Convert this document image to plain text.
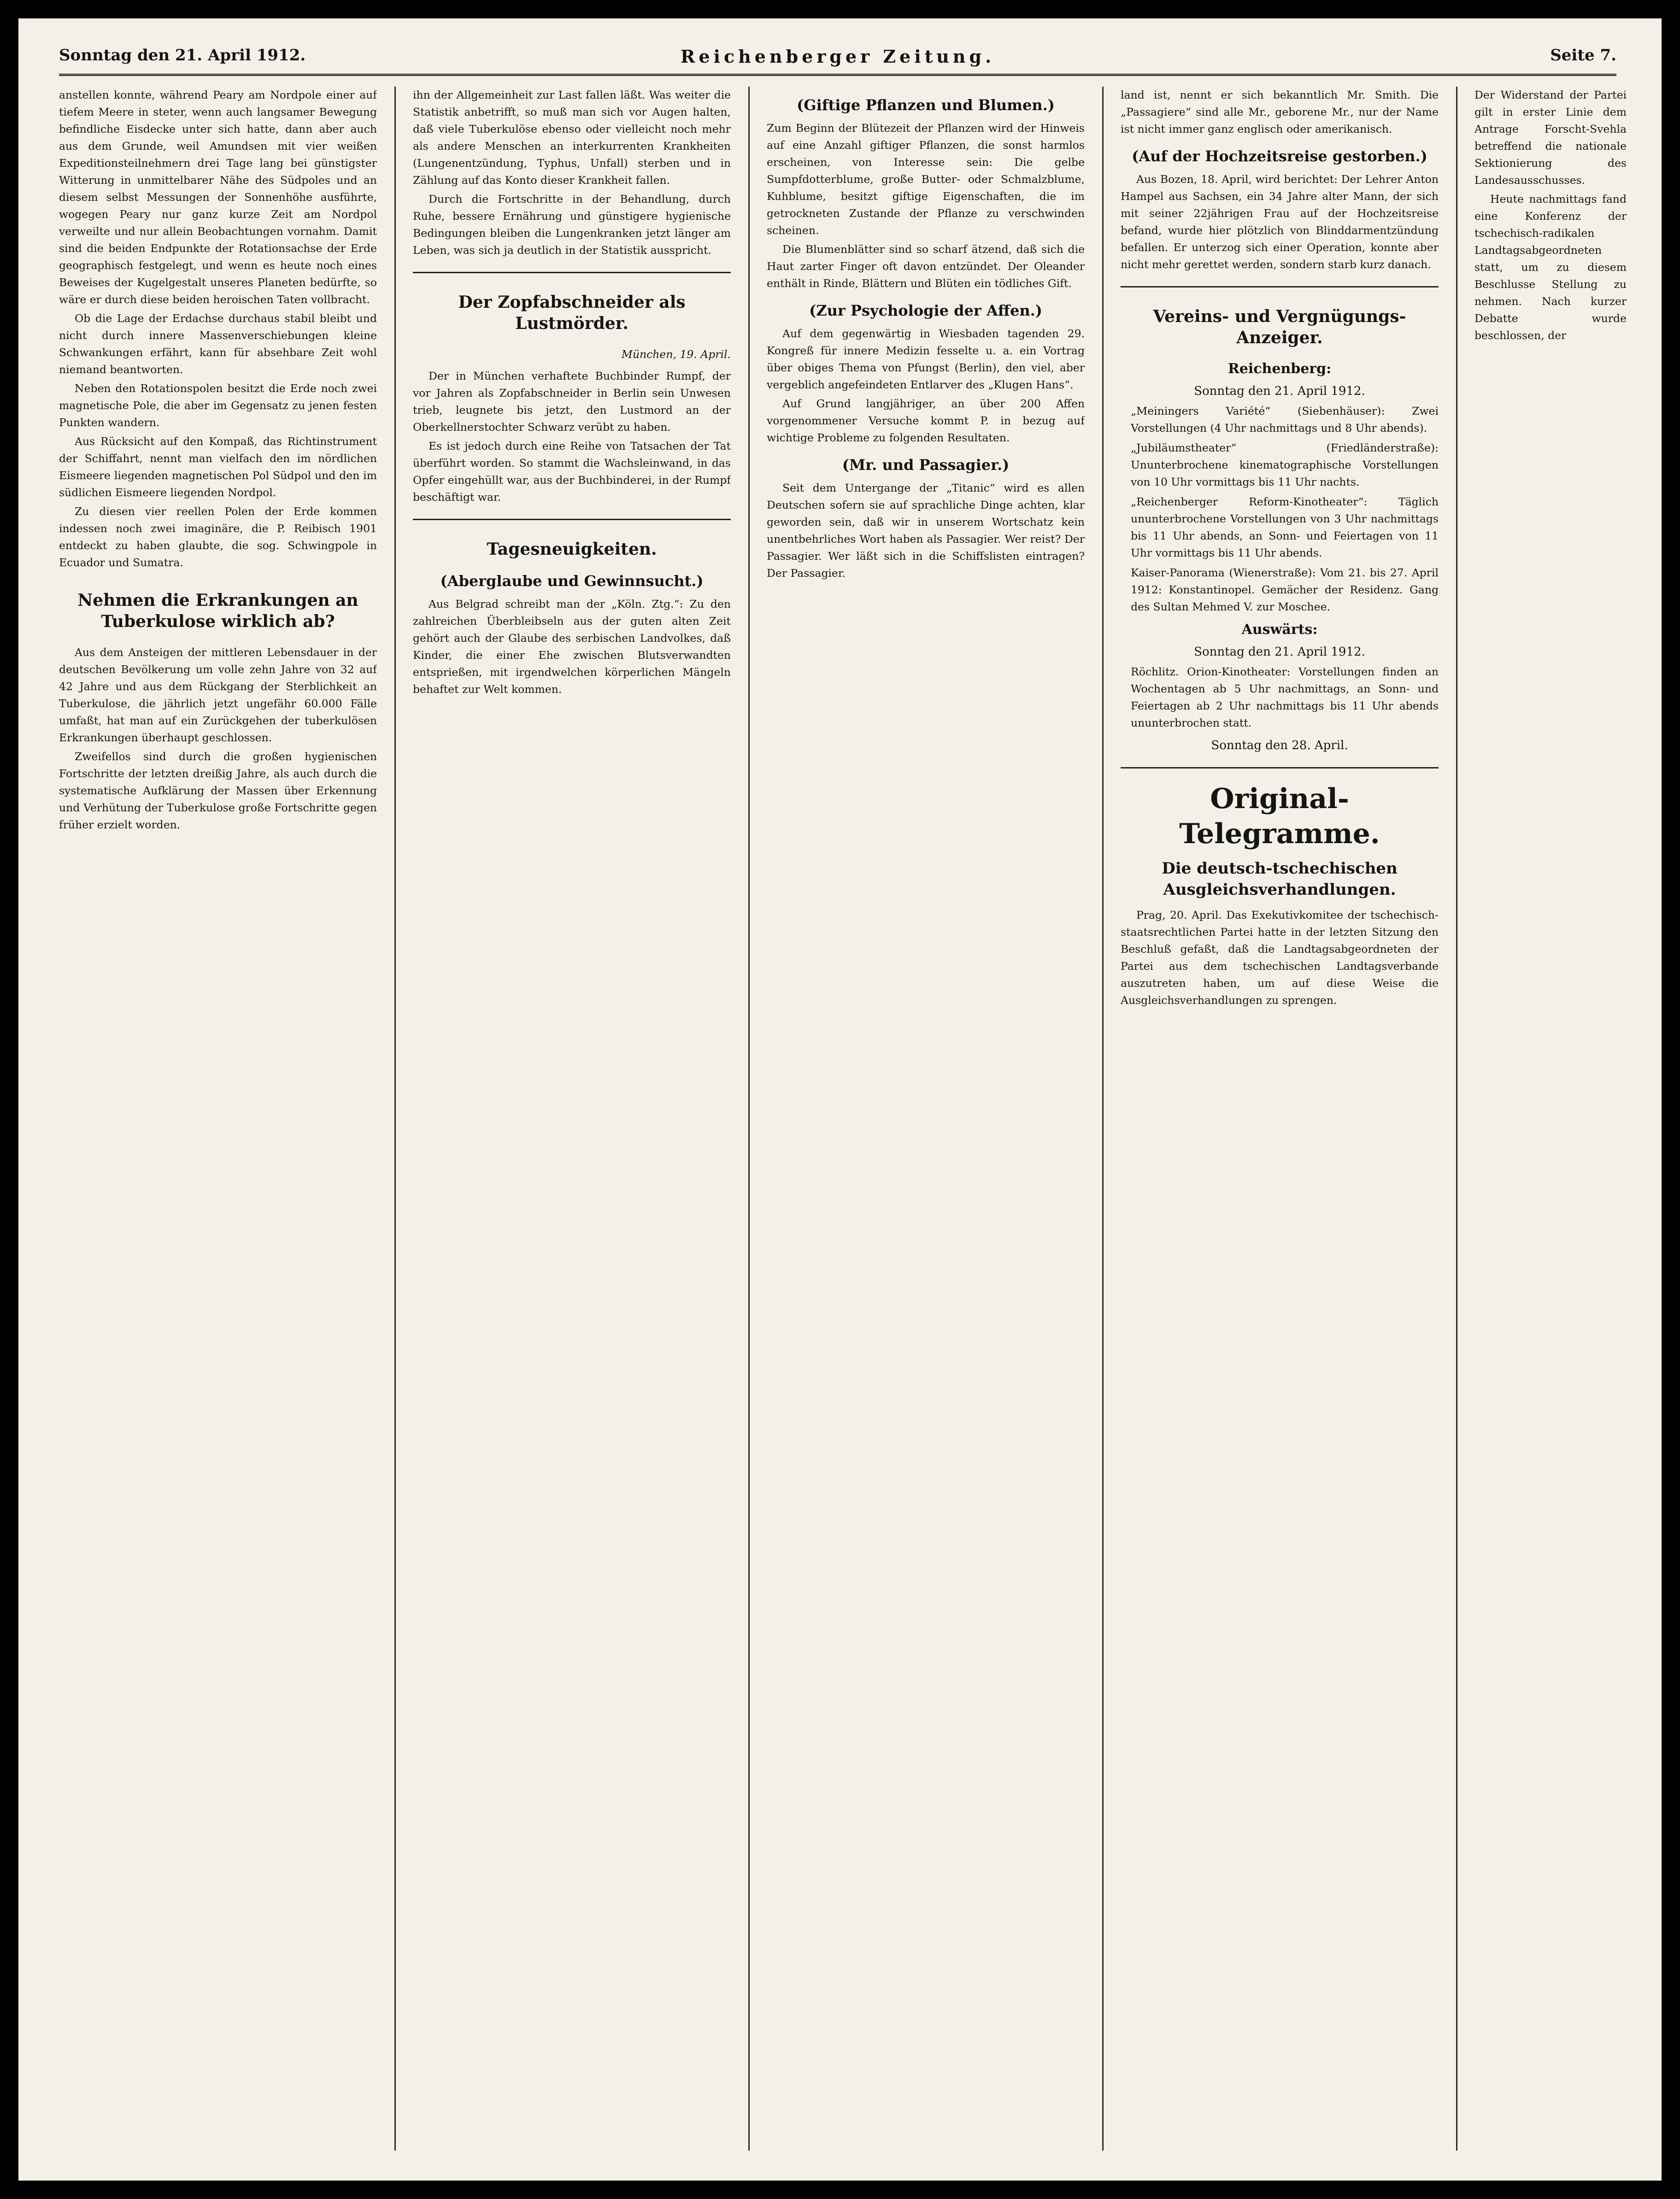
Sonntag den 21. April 1912.	Reichenberger Zeitung.	Seite 7.

anstellen konnte, während Peary am Nordpole einer auf tiefem Meere in steter, wenn auch langsamer Bewegung befindliche Eisdecke unter sich hatte, dann aber auch aus dem Grunde, weil Amundsen mit vier weißen Expeditionsteilnehmern drei Tage lang bei günstigster Witterung in unmittelbarer Nähe des Südpoles und an diesem selbst Messungen der Sonnenhöhe ausführte, wogegen Peary nur ganz kurze Zeit am Nordpol verweilte und nur allein Beobachtungen vornahm. Damit sind die beiden Endpunkte der Rotationsachse der Erde geographisch festgelegt, und wenn es heute noch eines Beweises der Kugelgestalt unseres Planeten bedürfte, so wäre er durch diese beiden heroischen Taten vollbracht.

Ob die Lage der Erdachse durchaus stabil bleibt und nicht durch innere Massenverschiebungen kleine Schwankungen erfährt, kann für absehbare Zeit wohl niemand beantworten.

Neben den Rotationspolen besitzt die Erde noch zwei magnetische Pole, die aber im Gegensatz zu jenen festen Punkten wandern.

Aus Rücksicht auf den Kompaß, das Richtinstrument der Schiffahrt, nennt man vielfach den im nördlichen Eismeere liegenden magnetischen Pol Südpol und den im südlichen Eismeere liegenden Nordpol.

Zu diesen vier reellen Polen der Erde kommen indessen noch zwei imaginäre, die P. Reibisch 1901 entdeckt zu haben glaubte, die sog. Schwingpole in Ecuador und Sumatra.

Nehmen die Erkrankungen an Tuberkulose wirklich ab?

Aus dem Ansteigen der mittleren Lebensdauer in der deutschen Bevölkerung um volle zehn Jahre von 32 auf 42 Jahre und aus dem Rückgang der Sterblichkeit an Tuberkulose, die jährlich jetzt ungefähr 60.000 Fälle umfaßt, hat man auf ein Zurückgehen der tuberkulösen Erkrankungen überhaupt geschlossen.

Zweifellos sind durch die großen hygienischen Fortschritte der letzten dreißig Jahre, als auch durch die systematische Aufklärung der Massen über Erkennung und Verhütung der Tuberkulose große Fortschritte gegen früher erzielt worden.

ihn der Allgemeinheit zur Last fallen läßt. Was weiter die Statistik anbetrifft, so muß man sich vor Augen halten, daß viele Tuberkulöse ebenso oder vielleicht noch mehr als andere Menschen an interkurrenten Krankheiten (Lungenentzündung, Typhus, Unfall) sterben und in Zählung auf das Konto dieser Krankheit fallen.

Durch die Fortschritte in der Behandlung, durch Ruhe, bessere Ernährung und günstigere hygienische Bedingungen bleiben die Lungenkranken jetzt länger am Leben, was sich ja deutlich in der Statistik ausspricht.

Der Zopfabschneider als Lustmörder.
München, 19. April.

Der in München verhaftete Buchbinder Rumpf, der vor Jahren als Zopfabschneider in Berlin sein Unwesen trieb, leugnete bis jetzt, den Lustmord an der Oberkellnerstochter Schwarz verübt zu haben.

Es ist jedoch durch eine Reihe von Tatsachen der Tat überführt worden. So stammt die Wachsleinwand, in das Opfer eingehüllt war, aus der Buchbinderei, in der Rumpf beschäftigt war.

Tagesneuigkeiten.
(Aberglaube und Gewinnsucht.)

Aus Belgrad schreibt man der „Köln. Ztg.“: Zu den zahlreichen Überbleibseln aus der guten alten Zeit gehört auch der Glaube des serbischen Landvolkes, daß Kinder, die einer Ehe zwischen Blutsverwandten entsprießen, mit irgendwelchen körperlichen Mängeln behaftet zur Welt kommen.

(Giftige Pflanzen und Blumen.)

Zum Beginn der Blütezeit der Pflanzen wird der Hinweis auf eine Anzahl giftiger Pflanzen, die sonst harmlos erscheinen, von Interesse sein: Die gelbe Sumpfdotterblume, große Butter- oder Schmalzblume, Kuhblume, besitzt giftige Eigenschaften, die im getrockneten Zustande der Pflanze zu verschwinden scheinen.

Die Blumenblätter sind so scharf ätzend, daß sich die Haut zarter Finger oft davon entzündet. Der Oleander enthält in Rinde, Blättern und Blüten ein tödliches Gift.

(Zur Psychologie der Affen.)

Auf dem gegenwärtig in Wiesbaden tagenden 29. Kongreß für innere Medizin fesselte u. a. ein Vortrag über obiges Thema von Pfungst (Berlin), den viel, aber vergeblich angefeindeten Entlarver des „Klugen Hans“.

Auf Grund langjähriger, an über 200 Affen vorgenommener Versuche kommt P. in bezug auf wichtige Probleme zu folgenden Resultaten.

(Mr. und Passagier.)

Seit dem Untergange der „Titanic“ wird es allen Deutschen sofern sie auf sprachliche Dinge achten, klar geworden sein, daß wir in unserem Wortschatz kein unentbehrliches Wort haben als Passagier. Wer reist? Der Passagier. Wer läßt sich in die Schiffslisten eintragen? Der Passagier.

land ist, nennt er sich bekanntlich Mr. Smith. Die „Passagiere“ sind alle Mr., geborene Mr., nur der Name ist nicht immer ganz englisch oder amerikanisch.

(Auf der Hochzeitsreise gestorben.)

Aus Bozen, 18. April, wird berichtet: Der Lehrer Anton Hampel aus Sachsen, ein 34 Jahre alter Mann, der sich mit seiner 22jährigen Frau auf der Hochzeitsreise befand, wurde hier plötzlich von Blinddarmentzündung befallen. Er unterzog sich einer Operation, konnte aber nicht mehr gerettet werden, sondern starb kurz danach.

Vereins- und Vergnügungs-Anzeiger.
Reichenberg:
Sonntag den 21. April 1912.

„Meiningers Variété“ (Siebenhäuser): Zwei Vorstellungen (4 Uhr nachmittags und 8 Uhr abends).

„Jubiläumstheater“ (Friedländerstraße): Ununterbrochene kinematographische Vorstellungen von 10 Uhr vormittags bis 11 Uhr nachts.

„Reichenberger Reform-Kinotheater“: Täglich ununterbrochene Vorstellungen von 3 Uhr nachmittags bis 11 Uhr abends, an Sonn- und Feiertagen von 11 Uhr vormittags bis 11 Uhr abends.

Kaiser-Panorama (Wienerstraße): Vom 21. bis 27. April 1912: Konstantinopel. Gemächer der Residenz. Gang des Sultan Mehmed V. zur Moschee.

Auswärts:
Sonntag den 21. April 1912.

Röchlitz. Orion-Kinotheater: Vorstellungen finden an Wochentagen ab 5 Uhr nachmittags, an Sonn- und Feiertagen ab 2 Uhr nachmittags bis 11 Uhr abends ununterbrochen statt.

Sonntag den 28. April.
Original-Telegramme.
Die deutsch-tschechischen Ausgleichsverhandlungen.

Prag, 20. April. Das Exekutivkomitee der tschechisch-staatsrechtlichen Partei hatte in der letzten Sitzung den Beschluß gefaßt, daß die Landtagsabgeordneten der Partei aus dem tschechischen Landtagsverbande auszutreten haben, um auf diese Weise die Ausgleichsverhandlungen zu sprengen.

Der Widerstand der Partei gilt in erster Linie dem Antrage Forscht-Svehla betreffend die nationale Sektionierung des Landesausschusses.

Heute nachmittags fand eine Konferenz der tschechisch-radikalen Landtagsabgeordneten statt, um zu diesem Beschlusse Stellung zu nehmen. Nach kurzer Debatte wurde beschlossen, der
